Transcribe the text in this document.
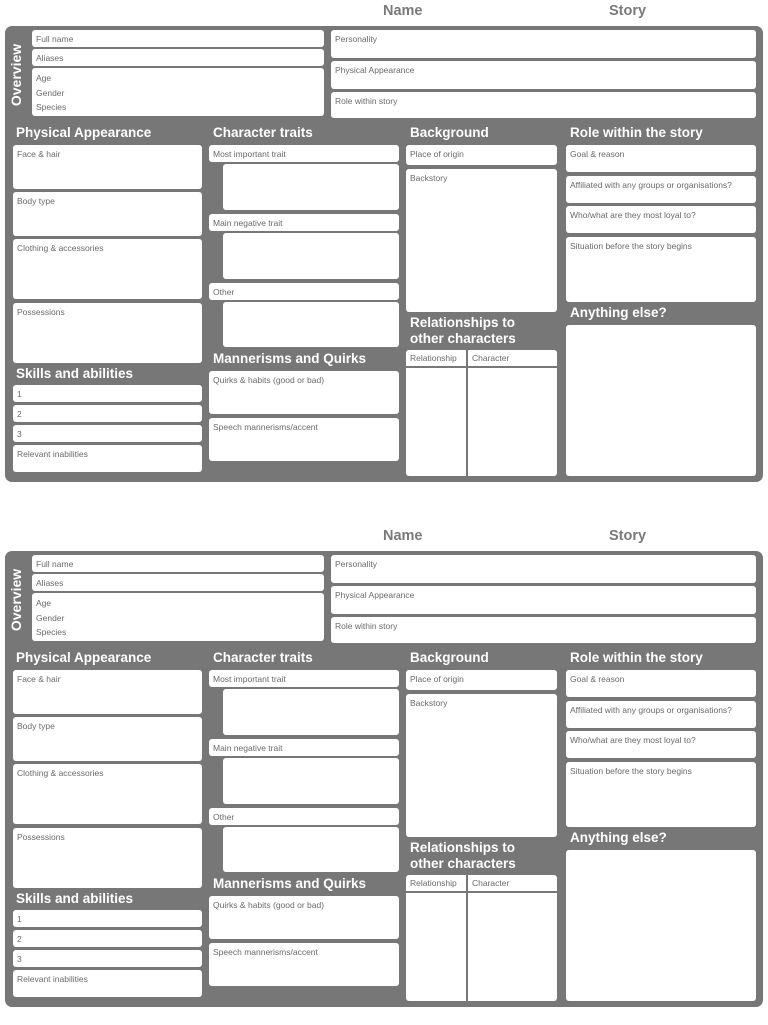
Name	Story
Overview
Full name
Aliases
Age
Gender
Species
Personality
Physical Appearance
Role within story
Physical Appearance
Face & hair
Body type
Clothing & accessories
Possessions
Skills and abilities
1
2
3
Relevant inabilities
Character traits
Most important trait
Main negative trait
Other
Mannerisms and Quirks
Quirks & habits (good or bad)
Speech mannerisms/accent
Background
Place of origin
Backstory
Relationships to
other characters
Relationship	Character
Role within the story
Goal & reason
Affiliated with any groups or organisations?
Who/what are they most loyal to?
Situation before the story begins
Anything else?
Name	Story
Overview
Full name
Aliases
Age
Gender
Species
Personality
Physical Appearance
Role within story
Physical Appearance
Face & hair
Body type
Clothing & accessories
Possessions
Skills and abilities
1
2
3
Relevant inabilities
Character traits
Most important trait
Main negative trait
Other
Mannerisms and Quirks
Quirks & habits (good or bad)
Speech mannerisms/accent
Background
Place of origin
Backstory
Relationships to
other characters
Relationship	Character
Role within the story
Goal & reason
Affiliated with any groups or organisations?
Who/what are they most loyal to?
Situation before the story begins
Anything else?
